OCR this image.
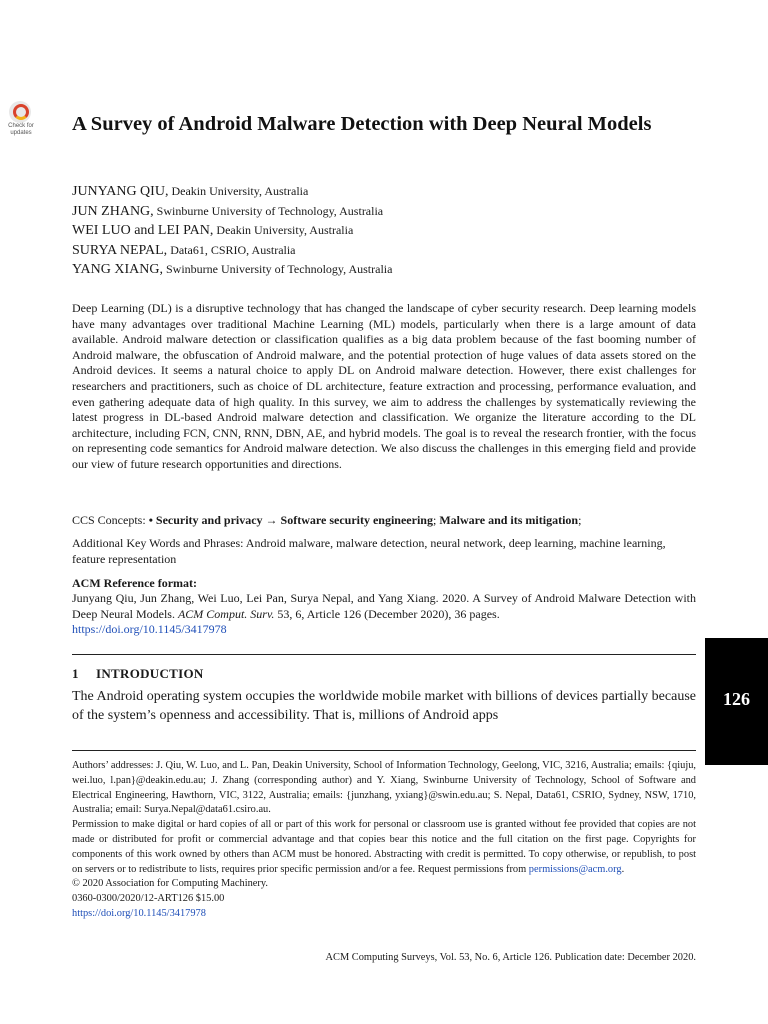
Check for
updates	A Survey of Android Malware Detection with Deep Neural Models
JUNYANG QIU, Deakin University, Australia
JUN ZHANG, Swinburne University of Technology, Australia
WEI LUO and LEI PAN, Deakin University, Australia
SURYA NEPAL, Data61, CSRIO, Australia
YANG XIANG, Swinburne University of Technology, Australia
Deep Learning (DL) is a disruptive technology that has changed the landscape of cyber security research. Deep learning models have many advantages over traditional Machine Learning (ML) models, particularly when there is a large amount of data available. Android malware detection or classification qualifies as a big data problem because of the fast booming number of Android malware, the obfuscation of Android malware, and the potential protection of huge values of data assets stored on the Android devices. It seems a natural choice to apply DL on Android malware detection. However, there exist challenges for researchers and practitioners, such as choice of DL architecture, feature extraction and processing, performance evaluation, and even gathering adequate data of high quality. In this survey, we aim to address the challenges by systematically reviewing the latest progress in DL-based Android malware detection and classification. We organize the literature according to the DL architecture, including FCN, CNN, RNN, DBN, AE, and hybrid models. The goal is to reveal the research frontier, with the focus on representing code semantics for Android malware detection. We also discuss the challenges in this emerging field and provide our view of future research opportunities and directions.
CCS Concepts: • Security and privacy → Software security engineering; Malware and its mitigation;
Additional Key Words and Phrases: Android malware, malware detection, neural network, deep learning, machine learning, feature representation
ACM Reference format:
Junyang Qiu, Jun Zhang, Wei Luo, Lei Pan, Surya Nepal, and Yang Xiang. 2020. A Survey of Android Malware Detection with Deep Neural Models. ACM Comput. Surv. 53, 6, Article 126 (December 2020), 36 pages.
https://doi.org/10.1145/3417978
1 INTRODUCTION
The Android operating system occupies the worldwide mobile market with billions of devices partially because of the system’s openness and accessibility. That is, millions of Android apps
126

Authors’ addresses: J. Qiu, W. Luo, and L. Pan, Deakin University, School of Information Technology, Geelong, VIC, 3216, Australia; emails: {qiuju, wei.luo, l.pan}@deakin.edu.au; J. Zhang (corresponding author) and Y. Xiang, Swinburne University of Technology, School of Software and Electrical Engineering, Hawthorn, VIC, 3122, Australia; emails: {junzhang, yxiang}@swin.edu.au; S. Nepal, Data61, CSRIO, Sydney, NSW, 1710, Australia; email: Surya.Nepal@data61.csiro.au.

Permission to make digital or hard copies of all or part of this work for personal or classroom use is granted without fee provided that copies are not made or distributed for profit or commercial advantage and that copies bear this notice and the full citation on the first page. Copyrights for components of this work owned by others than ACM must be honored. Abstracting with credit is permitted. To copy otherwise, or republish, to post on servers or to redistribute to lists, requires prior specific permission and/or a fee. Request permissions from permissions@acm.org.

© 2020 Association for Computing Machinery.

0360-0300/2020/12-ART126 $15.00

https://doi.org/10.1145/3417978

ACM Computing Surveys, Vol. 53, No. 6, Article 126. Publication date: December 2020.
